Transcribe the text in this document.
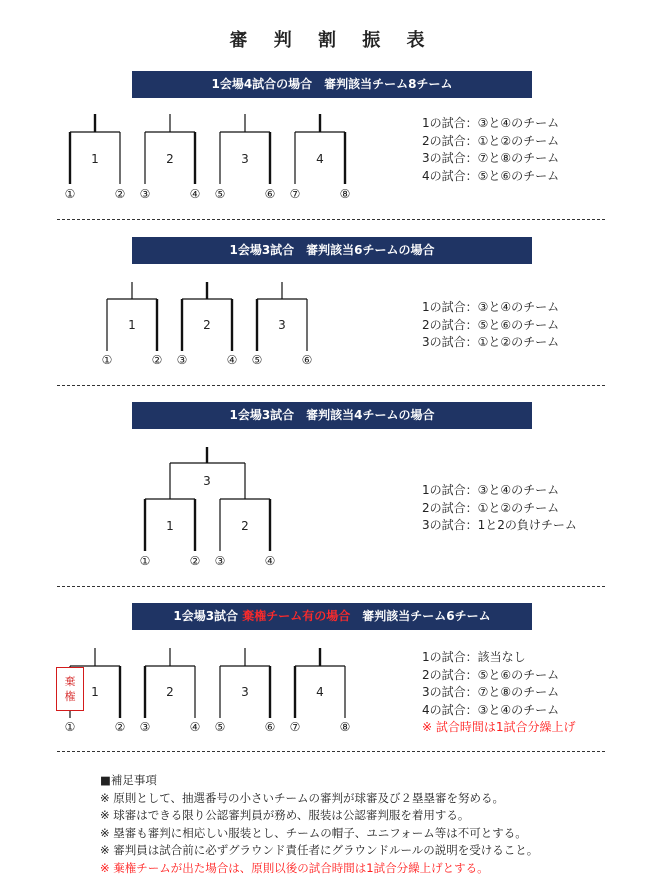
審 判 割 振 表
1会場4試合の場合　審判該当チーム8チーム
1	2	3	4
①	② ③	④ ⑤	⑥ ⑦	⑧
1の試合：③と④のチーム
2の試合：①と②のチーム
3の試合：⑦と⑧のチーム
4の試合：⑤と⑥のチーム
1会場3試合　審判該当6チームの場合
1	2	3
①	② ③	④ ⑤	⑥
1の試合：③と④のチーム
2の試合：⑤と⑥のチーム
3の試合：①と②のチーム
1会場3試合　審判該当4チームの場合
3
1	2
①	② ③	④
1の試合：③と④のチーム
2の試合：①と②のチーム
3の試合：1と2の負けチーム
1会場3試合 棄権チーム有の場合　審判該当チーム6チーム
1	2	3	4
①	② ③	④ ⑤	⑥ ⑦	⑧
棄
権
1の試合：該当なし
2の試合：⑤と⑥のチーム
3の試合：⑦と⑧のチーム
4の試合：③と④のチーム
※ 試合時間は1試合分繰上げ
■補足事項
※ 原則として、抽選番号の小さいチームの審判が球審及び２塁塁審を努める。
※ 球審はできる限り公認審判員が務め、服装は公認審判服を着用する。
※ 塁審も審判に相応しい服装とし、チームの帽子、ユニフォーム等は不可とする。
※ 審判員は試合前に必ずグラウンド責任者にグラウンドルールの説明を受けること。
※ 棄権チームが出た場合は、原則以後の試合時間は1試合分繰上げとする。
